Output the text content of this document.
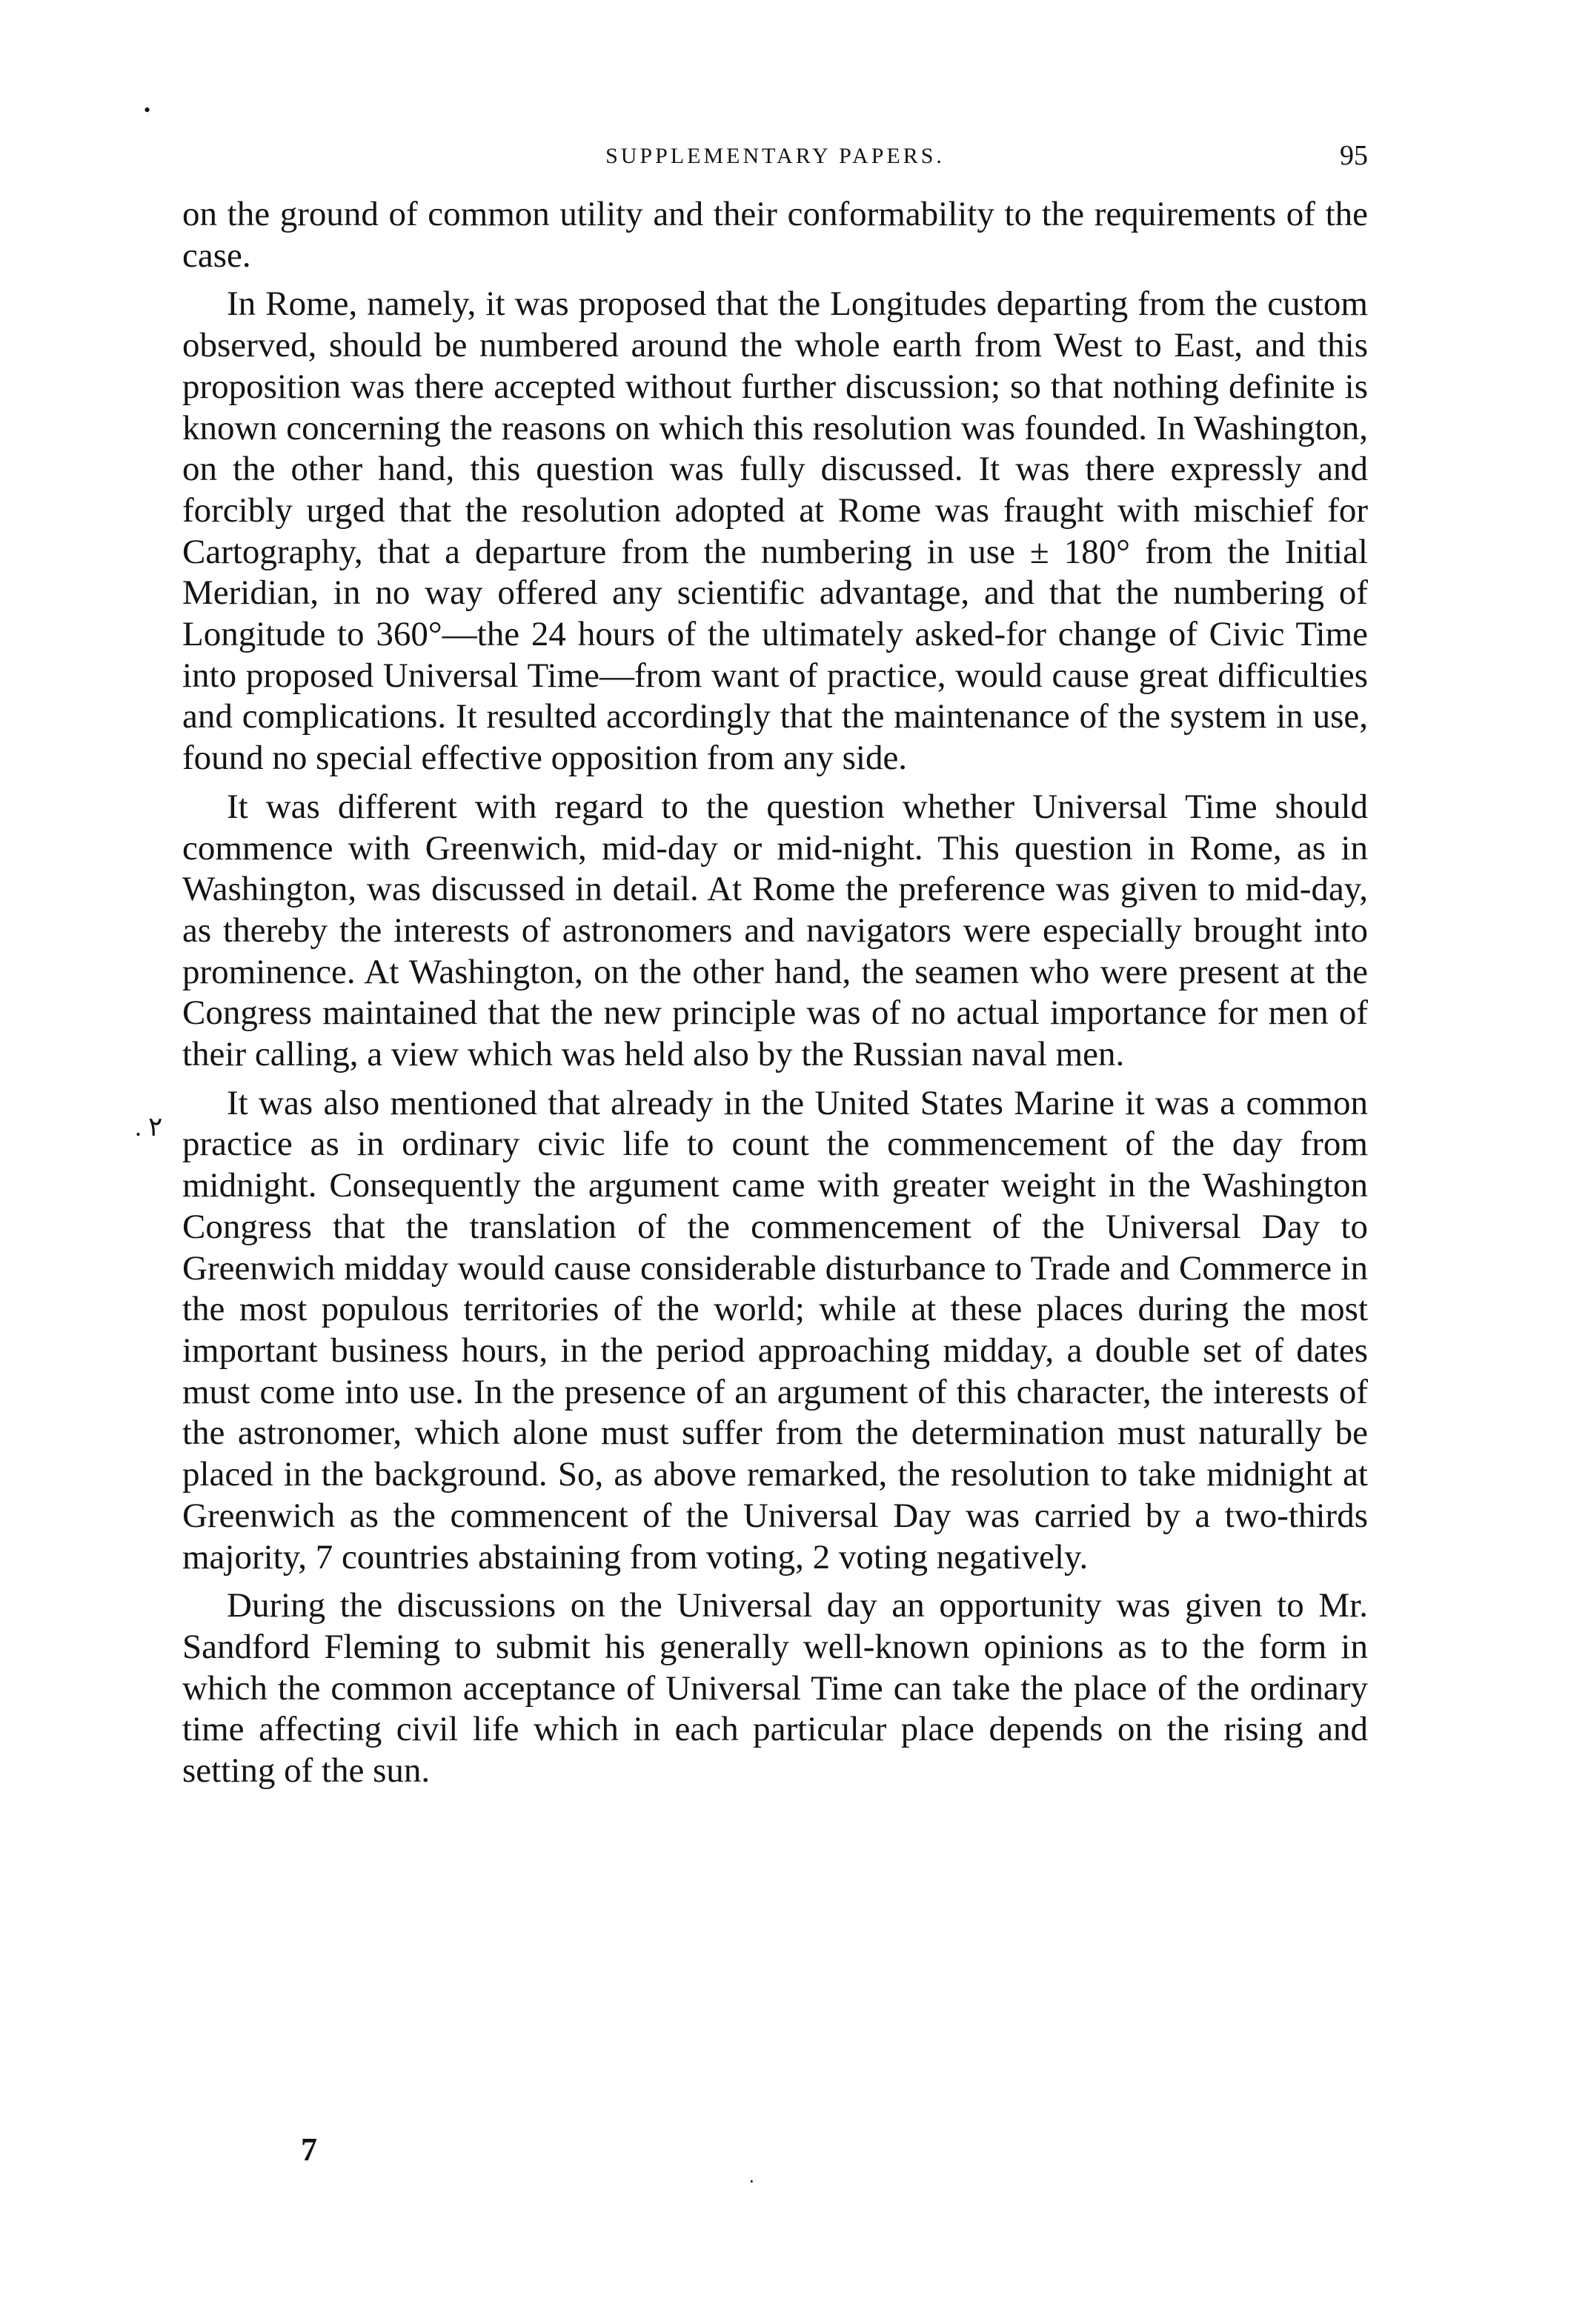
•
SUPPLEMENTARY PAPERS.	95
. ۲

on the ground of common utility and their conformability to the requirements of the case.

In Rome, namely, it was proposed that the Longitudes departing from the custom observed, should be numbered around the whole earth from West to East, and this proposition was there accepted without further discussion; so that nothing definite is known concerning the reasons on which this resolution was founded. In Washington, on the other hand, this question was fully discussed. It was there expressly and forcibly urged that the resolution adopted at Rome was fraught with mischief for Cartography, that a departure from the numbering in use ± 180° from the Initial Meridian, in no way offered any scientific advantage, and that the numbering of Longitude to 360°—the 24 hours of the ultimately asked-for change of Civic Time into proposed Universal Time—from want of practice, would cause great difficulties and complications. It resulted accordingly that the maintenance of the system in use, found no special effective opposition from any side.

It was different with regard to the question whether Universal Time should commence with Greenwich, mid-day or mid-night. This question in Rome, as in Washington, was discussed in detail. At Rome the preference was given to mid-day, as thereby the interests of astronomers and navigators were especially brought into prominence. At Washington, on the other hand, the seamen who were present at the Congress maintained that the new principle was of no actual importance for men of their calling, a view which was held also by the Russian naval men.

It was also mentioned that already in the United States Marine it was a common practice as in ordinary civic life to count the commencement of the day from midnight. Consequently the argument came with greater weight in the Washington Congress that the translation of the commencement of the Universal Day to Greenwich midday would cause considerable disturbance to Trade and Commerce in the most populous territories of the world; while at these places during the most important business hours, in the period approaching midday, a double set of dates must come into use. In the presence of an argument of this character, the interests of the astronomer, which alone must suffer from the determination must naturally be placed in the background. So, as above remarked, the resolution to take midnight at Greenwich as the commencent of the Universal Day was carried by a two-thirds majority, 7 countries abstaining from voting, 2 voting negatively.

During the discussions on the Universal day an opportunity was given to Mr. Sandford Fleming to submit his generally well-known opinions as to the form in which the common acceptance of Universal Time can take the place of the ordinary time affecting civil life which in each particular place depends on the rising and setting of the sun.

7
·
